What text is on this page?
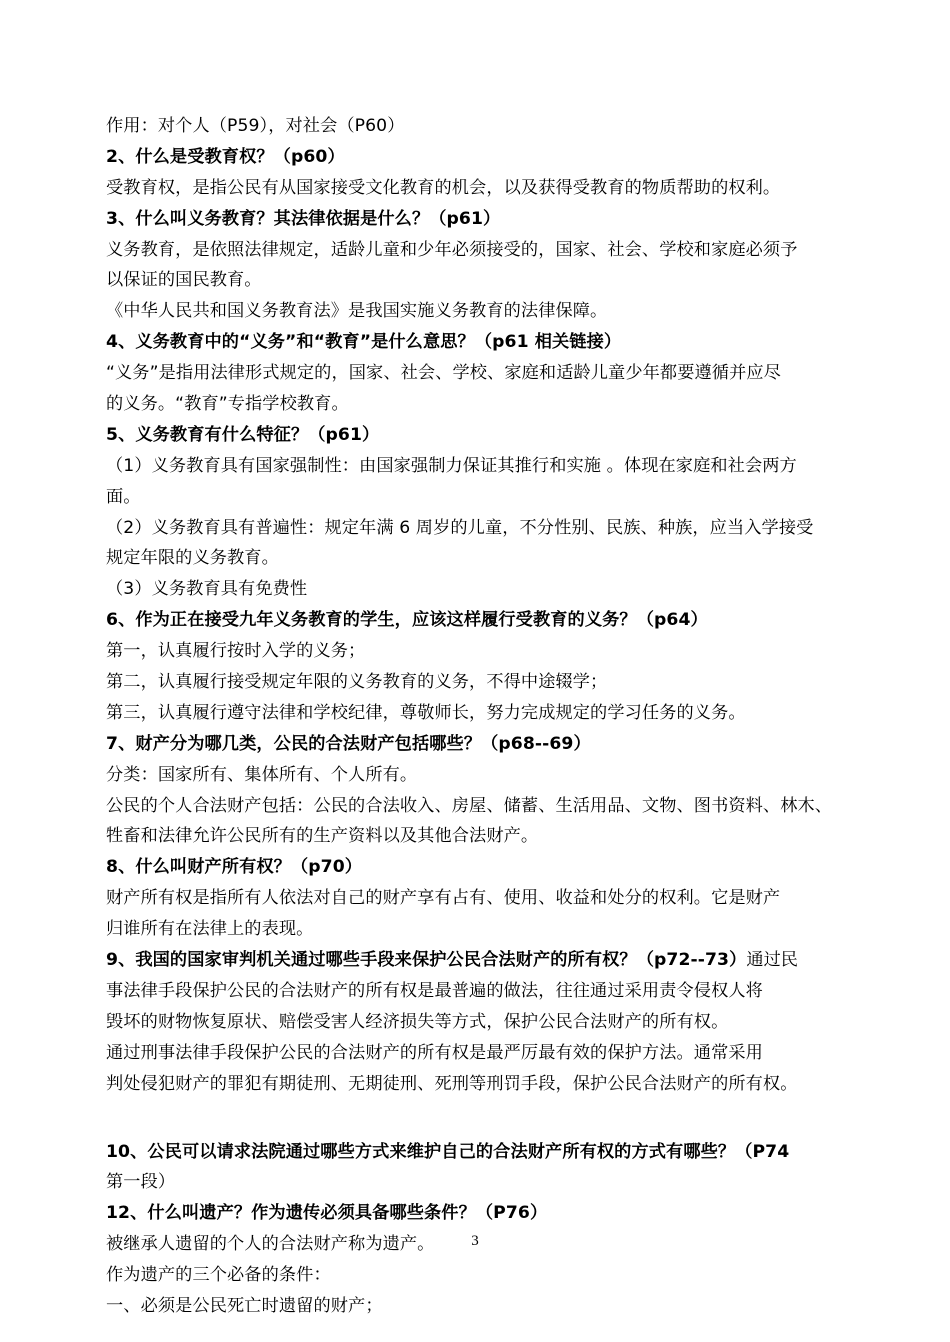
作用：对个人（P59），对社会（P60）
2、什么是受教育权？（p60）
受教育权，是指公民有从国家接受文化教育的机会，以及获得受教育的物质帮助的权利。
3、什么叫义务教育？其法律依据是什么？（p61）
义务教育，是依照法律规定，适龄儿童和少年必须接受的，国家、社会、学校和家庭必须予
以保证的国民教育。
《中华人民共和国义务教育法》是我国实施义务教育的法律保障。
4、义务教育中的“义务”和“教育”是什么意思？（p61 相关链接）
“义务”是指用法律形式规定的，国家、社会、学校、家庭和适龄儿童少年都要遵循并应尽
的义务。“教育”专指学校教育。
5、义务教育有什么特征？（p61）
（1）义务教育具有国家强制性：由国家强制力保证其推行和实施 。体现在家庭和社会两方
面。
（2）义务教育具有普遍性：规定年满 6 周岁的儿童，不分性别、民族、种族，应当入学接受
规定年限的义务教育。
（3）义务教育具有免费性
6、作为正在接受九年义务教育的学生，应该这样履行受教育的义务？（p64）
第一，认真履行按时入学的义务；
第二，认真履行接受规定年限的义务教育的义务，不得中途辍学；
第三，认真履行遵守法律和学校纪律，尊敬师长，努力完成规定的学习任务的义务。
7、财产分为哪几类，公民的合法财产包括哪些？（p68--69）
分类：国家所有、集体所有、个人所有。
公民的个人合法财产包括：公民的合法收入、房屋、储蓄、生活用品、文物、图书资料、林木、
牲畜和法律允许公民所有的生产资料以及其他合法财产。
8、什么叫财产所有权？（p70）
财产所有权是指所有人依法对自己的财产享有占有、使用、收益和处分的权利。它是财产
归谁所有在法律上的表现。
9、我国的国家审判机关通过哪些手段来保护公民合法财产的所有权？（p72--73）通过民
事法律手段保护公民的合法财产的所有权是最普遍的做法，往往通过采用责令侵权人将
毁坏的财物恢复原状、赔偿受害人经济损失等方式，保护公民合法财产的所有权。
通过刑事法律手段保护公民的合法财产的所有权是最严厉最有效的保护方法。通常采用
判处侵犯财产的罪犯有期徒刑、无期徒刑、死刑等刑罚手段，保护公民合法财产的所有权。
10、公民可以请求法院通过哪些方式来维护自己的合法财产所有权的方式有哪些？（P74
第一段）
12、什么叫遗产？作为遗传必须具备哪些条件？（P76）
被继承人遗留的个人的合法财产称为遗产。
作为遗产的三个必备的条件：
一、必须是公民死亡时遗留的财产；
3
